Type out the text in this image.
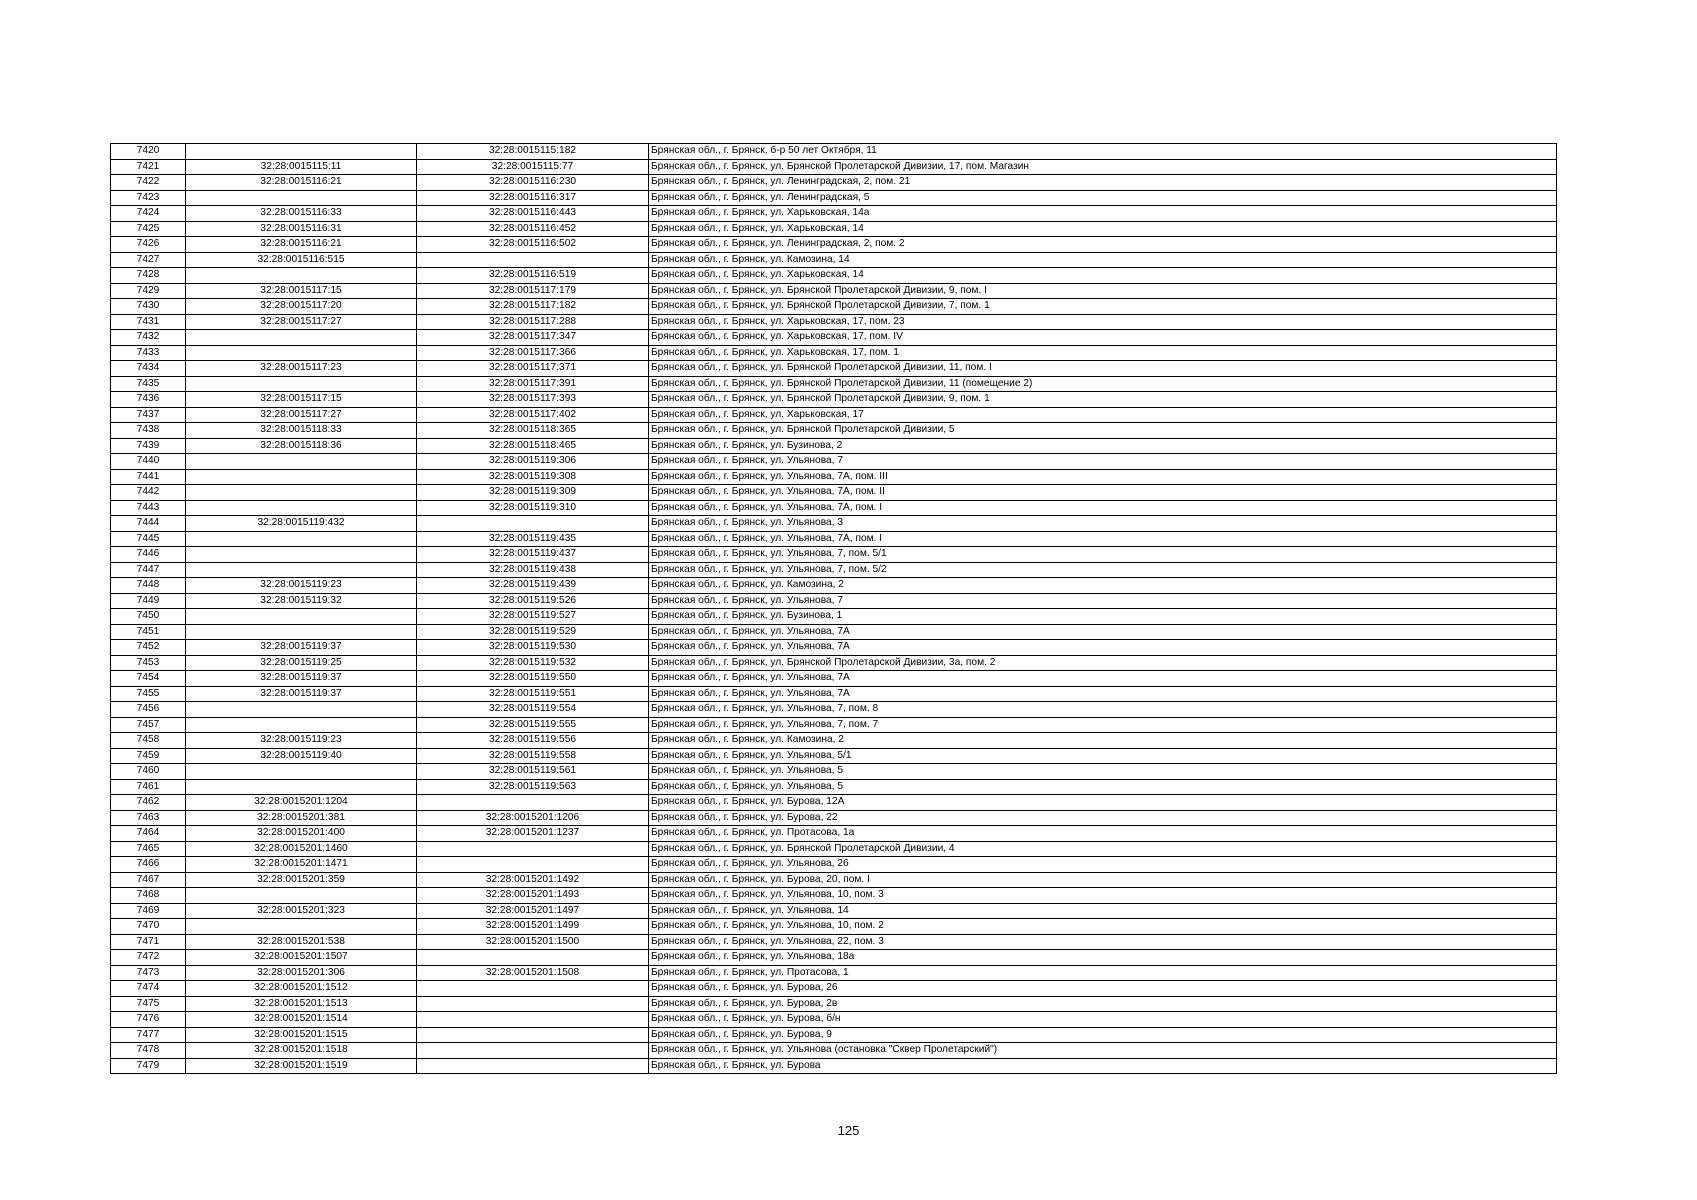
7420		32:28:0015115:182	Брянская обл., г. Брянск, б-р 50 лет Октября, 11
7421	32:28:0015115:11	32:28:0015115:77	Брянская обл., г. Брянск, ул. Брянской Пролетарской Дивизии, 17, пом. Магазин
7422	32:28:0015116:21	32:28:0015116:230	Брянская обл., г. Брянск, ул. Ленинградская, 2, пом. 21
7423		32:28:0015116:317	Брянская обл., г. Брянск, ул. Ленинградская, 5
7424	32:28:0015116:33	32:28:0015116:443	Брянская обл., г. Брянск, ул. Харьковская, 14а
7425	32:28:0015116:31	32:28:0015116:452	Брянская обл., г. Брянск, ул. Харьковская, 14
7426	32:28:0015116:21	32:28:0015116:502	Брянская обл., г. Брянск, ул. Ленинградская, 2, пом. 2
7427	32:28:0015116:515		Брянская обл., г. Брянск, ул. Камозина, 14
7428		32:28:0015116:519	Брянская обл., г. Брянск, ул. Харьковская, 14
7429	32:28:0015117:15	32:28:0015117:179	Брянская обл., г. Брянск, ул. Брянской Пролетарской Дивизии, 9, пом. I
7430	32:28:0015117:20	32:28:0015117:182	Брянская обл., г. Брянск, ул. Брянской Пролетарской Дивизии, 7, пом. 1
7431	32:28:0015117:27	32:28:0015117:288	Брянская обл., г. Брянск, ул. Харьковская, 17, пом. 23
7432		32:28:0015117:347	Брянская обл., г. Брянск, ул. Харьковская, 17, пом. IV
7433		32:28:0015117:366	Брянская обл., г. Брянск, ул. Харьковская, 17, пом. 1
7434	32:28:0015117:23	32:28:0015117:371	Брянская обл., г. Брянск, ул. Брянской Пролетарской Дивизии, 11, пом. I
7435		32:28:0015117:391	Брянская обл., г. Брянск, ул. Брянской Пролетарской Дивизии, 11 (помещение 2)
7436	32:28:0015117:15	32:28:0015117:393	Брянская обл., г. Брянск, ул. Брянской Пролетарской Дивизии, 9, пом. 1
7437	32:28:0015117:27	32:28:0015117:402	Брянская обл., г. Брянск, ул. Харьковская, 17
7438	32:28:0015118:33	32:28:0015118:365	Брянская обл., г. Брянск, ул. Брянской Пролетарской Дивизии, 5
7439	32:28:0015118:36	32:28:0015118:465	Брянская обл., г. Брянск, ул. Бузинова, 2
7440		32:28:0015119:306	Брянская обл., г. Брянск, ул. Ульянова, 7
7441		32:28:0015119:308	Брянская обл., г. Брянск, ул. Ульянова, 7А, пом. III
7442		32:28:0015119:309	Брянская обл., г. Брянск, ул. Ульянова, 7А, пом. II
7443		32:28:0015119:310	Брянская обл., г. Брянск, ул. Ульянова, 7А, пом. I
7444	32:28:0015119:432		Брянская обл., г. Брянск, ул. Ульянова, 3
7445		32:28:0015119:435	Брянская обл., г. Брянск, ул. Ульянова, 7А, пом. I
7446		32:28:0015119:437	Брянская обл., г. Брянск, ул. Ульянова, 7, пом. 5/1
7447		32:28:0015119:438	Брянская обл., г. Брянск, ул. Ульянова, 7, пом. 5/2
7448	32:28:0015119:23	32:28:0015119:439	Брянская обл., г. Брянск, ул. Камозина, 2
7449	32:28:0015119:32	32:28:0015119:526	Брянская обл., г. Брянск, ул. Ульянова, 7
7450		32:28:0015119:527	Брянская обл., г. Брянск, ул. Бузинова, 1
7451		32:28:0015119:529	Брянская обл., г. Брянск, ул. Ульянова, 7А
7452	32:28:0015119:37	32:28:0015119:530	Брянская обл., г. Брянск, ул. Ульянова, 7А
7453	32:28:0015119:25	32:28:0015119:532	Брянская обл., г. Брянск, ул. Брянской Пролетарской Дивизии, 3а, пом. 2
7454	32:28:0015119:37	32:28:0015119:550	Брянская обл., г. Брянск, ул. Ульянова, 7А
7455	32:28:0015119:37	32:28:0015119:551	Брянская обл., г. Брянск, ул. Ульянова, 7А
7456		32:28:0015119:554	Брянская обл., г. Брянск, ул. Ульянова, 7, пом. 8
7457		32:28:0015119:555	Брянская обл., г. Брянск, ул. Ульянова, 7, пом. 7
7458	32:28:0015119:23	32:28:0015119:556	Брянская обл., г. Брянск, ул. Камозина, 2
7459	32:28:0015119:40	32:28:0015119:558	Брянская обл., г. Брянск, ул. Ульянова, 5/1
7460		32:28:0015119:561	Брянская обл., г. Брянск, ул. Ульянова, 5
7461		32:28:0015119:563	Брянская обл., г. Брянск, ул. Ульянова, 5
7462	32:28:0015201:1204		Брянская обл., г. Брянск, ул. Бурова, 12А
7463	32:28:0015201:381	32:28:0015201:1206	Брянская обл., г. Брянск, ул. Бурова, 22
7464	32:28:0015201:400	32:28:0015201:1237	Брянская обл., г. Брянск, ул. Протасова, 1а
7465	32:28:0015201:1460		Брянская обл., г. Брянск, ул. Брянской Пролетарской Дивизии, 4
7466	32:28:0015201:1471		Брянская обл., г. Брянск, ул. Ульянова, 26
7467	32:28:0015201:359	32:28:0015201:1492	Брянская обл., г. Брянск, ул. Бурова, 20, пом. I
7468		32:28:0015201:1493	Брянская обл., г. Брянск, ул. Ульянова, 10, пом. 3
7469	32:28:0015201:323	32:28:0015201:1497	Брянская обл., г. Брянск, ул. Ульянова, 14
7470		32:28:0015201:1499	Брянская обл., г. Брянск, ул. Ульянова, 10, пом. 2
7471	32:28:0015201:538	32:28:0015201:1500	Брянская обл., г. Брянск, ул. Ульянова, 22, пом. 3
7472	32:28:0015201:1507		Брянская обл., г. Брянск, ул. Ульянова, 18а
7473	32:28:0015201:306	32:28:0015201:1508	Брянская обл., г. Брянск, ул. Протасова, 1
7474	32:28:0015201:1512		Брянская обл., г. Брянск, ул. Бурова, 26
7475	32:28:0015201:1513		Брянская обл., г. Брянск, ул. Бурова, 2в
7476	32:28:0015201:1514		Брянская обл., г. Брянск, ул. Бурова, б/н
7477	32:28:0015201:1515		Брянская обл., г. Брянск, ул. Бурова, 9
7478	32:28:0015201:1518		Брянская обл., г. Брянск, ул. Ульянова (остановка "Сквер Пролетарский")
7479	32:28:0015201:1519		Брянская обл., г. Брянск, ул. Бурова
125
